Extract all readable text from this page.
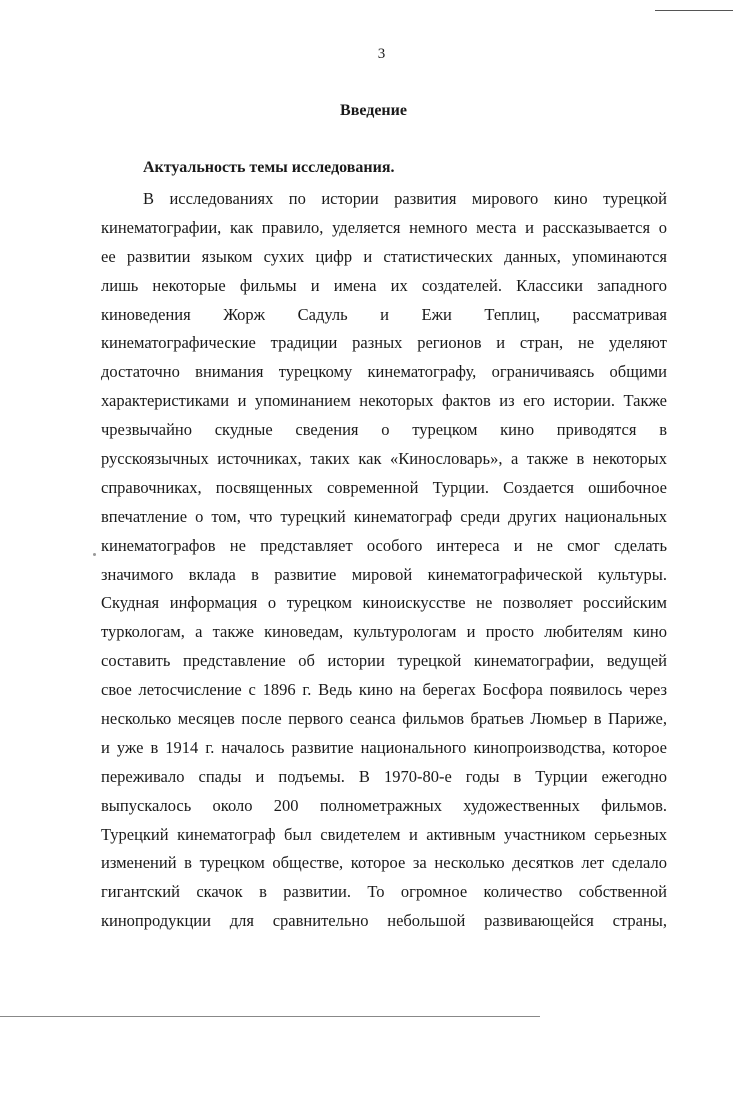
3
Введение
Актуальность темы исследования.
В исследованиях по истории развития мирового кино турецкой
кинематографии, как правило, уделяется немного места и рассказывается о
ее развитии языком сухих цифр и статистических данных, упоминаются
лишь некоторые фильмы и имена их создателей. Классики западного
киноведения Жорж Садуль и Ежи Теплиц, рассматривая
кинематографические традиции разных регионов и стран, не уделяют
достаточно внимания турецкому кинематографу, ограничиваясь общими
характеристиками и упоминанием некоторых фактов из его истории. Также
чрезвычайно скудные сведения о турецком кино приводятся в
русскоязычных источниках, таких как «Кинословарь», а также в некоторых
справочниках, посвященных современной Турции. Создается ошибочное
впечатление о том, что турецкий кинематограф среди других национальных
кинематографов не представляет особого интереса и не смог сделать
значимого вклада в развитие мировой кинематографической культуры.
Скудная информация о турецком киноискусстве не позволяет российским
туркологам, а также киноведам, культурологам и просто любителям кино
составить представление об истории турецкой кинематографии, ведущей
свое летосчисление с 1896 г. Ведь кино на берегах Босфора появилось через
несколько месяцев после первого сеанса фильмов братьев Люмьер в Париже,
и уже в 1914 г. началось развитие национального кинопроизводства, которое
переживало спады и подъемы. В 1970-80-е годы в Турции ежегодно
выпускалось около 200 полнометражных художественных фильмов.
Турецкий кинематограф был свидетелем и активным участником серьезных
изменений в турецком обществе, которое за несколько десятков лет сделало
гигантский скачок в развитии. То огромное количество собственной
кинопродукции для сравнительно небольшой развивающейся страны,
